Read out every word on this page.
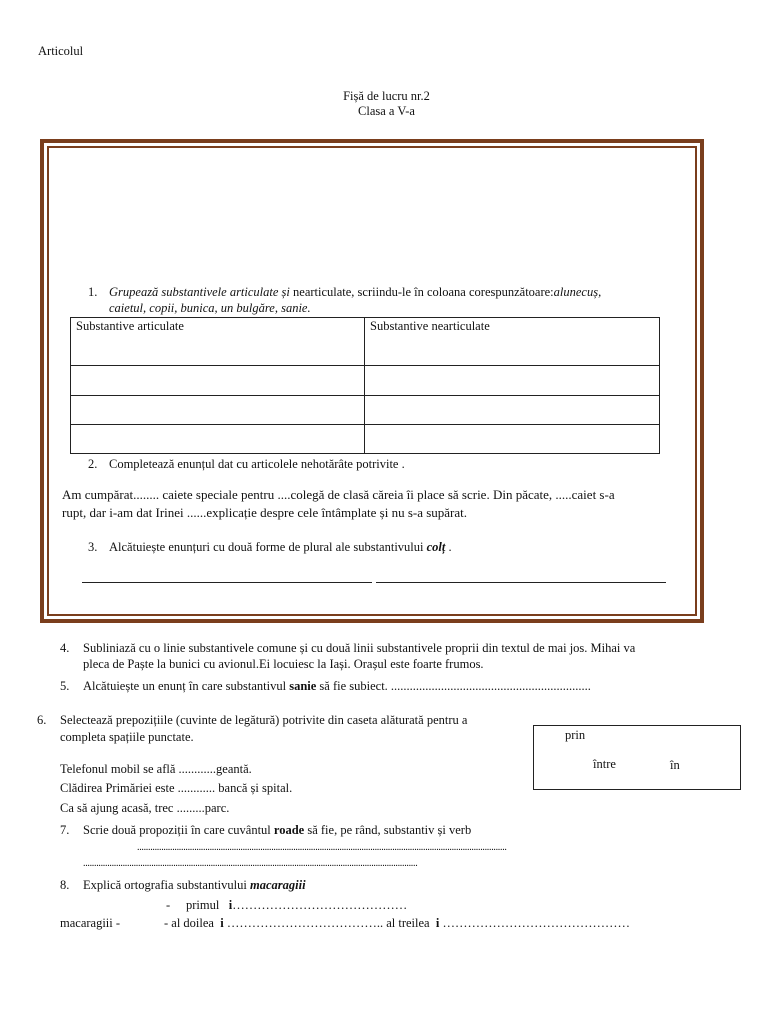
Articolul
Fișă de lucru nr.2
Clasa a V-a
1. Grupează substantivele articulate și nearticulate, scriindu-le în coloana corespunzătoare:alunecuș,
caietul, copii, bunica, un bulgăre, sanie.
Substantive articulate	Substantive nearticulate

2. Completează enunțul dat cu articolele nehotărâte potrivite .
Am cumpărat........ caiete speciale pentru ....colegă de clasă căreia îi place să scrie. Din păcate, .....caiet s-a
rupt, dar i-am dat Irinei ......explicație despre cele întâmplate și nu s-a supărat.
3. Alcătuiește enunțuri cu două forme de plural ale substantivului colț .
4. Subliniază cu o linie substantivele comune și cu două linii substantivele proprii din textul de mai jos. Mihai va
pleca de Paște la bunici cu avionul.Ei locuiesc la Iași. Orașul este foarte frumos.
5. Alcătuiește un enunț în care substantivul sanie să fie subiect. ................................................................
6. Selectează prepozițiile (cuvinte de legătură) potrivite din caseta alăturată pentru a
completa spațiile punctate.	prin
între	în
Telefonul mobil se află ............geantă.
Clădirea Primăriei este ............ bancă și spital.
Ca să ajung acasă, trec .........parc.
7. Scrie două propoziții în care cuvântul roade să fie, pe rând, substantiv și verb
........................................................................................................................................................................
........................................................................................................................................................
8. Explică ortografia substantivului macaragiii
- primul i……………………………………
macaragiii -	- al doilea i ……………………………….. al treilea i ………………………………………
